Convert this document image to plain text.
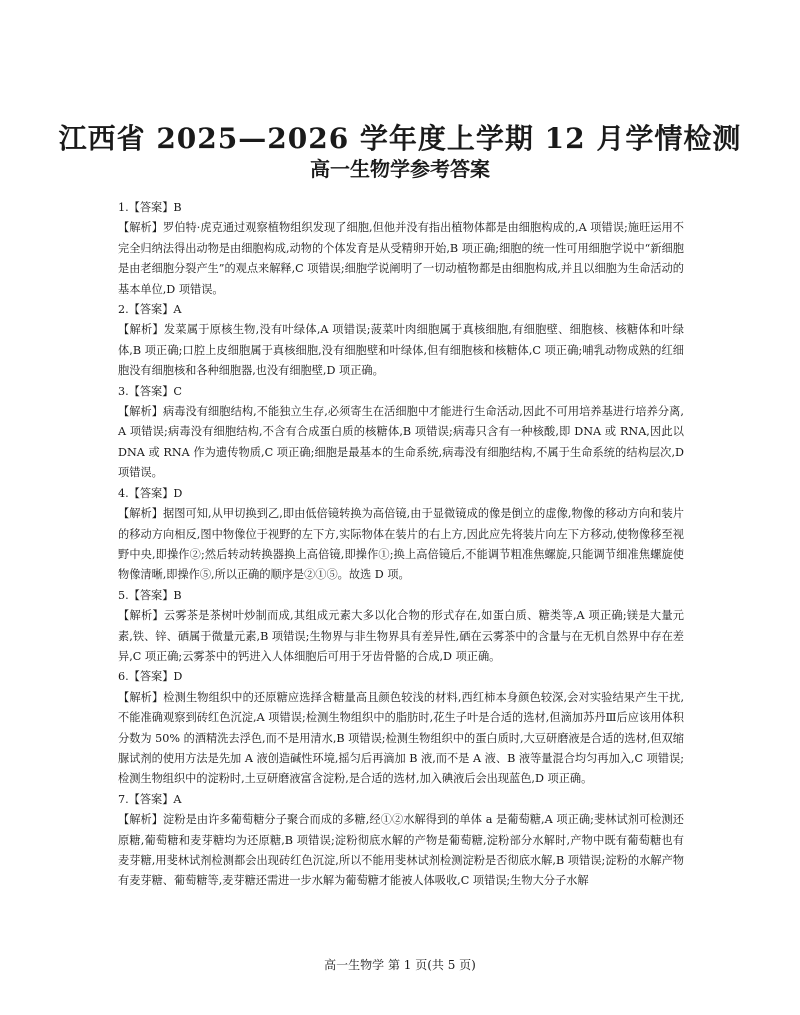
江西省 2025—2026 学年度上学期 12 月学情检测
高一生物学参考答案
1.【答案】B
【解析】罗伯特·虎克通过观察植物组织发现了细胞,但他并没有指出植物体都是由细胞构成的,A 项错误;施旺运用不完全归纳法得出动物是由细胞构成,动物的个体发育是从受精卵开始,B 项正确;细胞的统一性可用细胞学说中“新细胞是由老细胞分裂产生”的观点来解释,C 项错误;细胞学说阐明了一切动植物都是由细胞构成,并且以细胞为生命活动的基本单位,D 项错误。
2.【答案】A
【解析】发菜属于原核生物,没有叶绿体,A 项错误;菠菜叶肉细胞属于真核细胞,有细胞壁、细胞核、核糖体和叶绿体,B 项正确;口腔上皮细胞属于真核细胞,没有细胞壁和叶绿体,但有细胞核和核糖体,C 项正确;哺乳动物成熟的红细胞没有细胞核和各种细胞器,也没有细胞壁,D 项正确。
3.【答案】C
【解析】病毒没有细胞结构,不能独立生存,必须寄生在活细胞中才能进行生命活动,因此不可用培养基进行培养分离,A 项错误;病毒没有细胞结构,不含有合成蛋白质的核糖体,B 项错误;病毒只含有一种核酸,即 DNA 或 RNA,因此以 DNA 或 RNA 作为遗传物质,C 项正确;细胞是最基本的生命系统,病毒没有细胞结构,不属于生命系统的结构层次,D 项错误。
4.【答案】D
【解析】据图可知,从甲切换到乙,即由低倍镜转换为高倍镜,由于显微镜成的像是倒立的虚像,物像的移动方向和装片的移动方向相反,图中物像位于视野的左下方,实际物体在装片的右上方,因此应先将装片向左下方移动,使物像移至视野中央,即操作②;然后转动转换器换上高倍镜,即操作①;换上高倍镜后,不能调节粗准焦螺旋,只能调节细准焦螺旋使物像清晰,即操作⑤,所以正确的顺序是②①⑤。故选 D 项。
5.【答案】B
【解析】云雾茶是茶树叶炒制而成,其组成元素大多以化合物的形式存在,如蛋白质、糖类等,A 项正确;镁是大量元素,铁、锌、硒属于微量元素,B 项错误;生物界与非生物界具有差异性,硒在云雾茶中的含量与在无机自然界中存在差异,C 项正确;云雾茶中的钙进入人体细胞后可用于牙齿骨骼的合成,D 项正确。
6.【答案】D
【解析】检测生物组织中的还原糖应选择含糖量高且颜色较浅的材料,西红柿本身颜色较深,会对实验结果产生干扰,不能准确观察到砖红色沉淀,A 项错误;检测生物组织中的脂肪时,花生子叶是合适的选材,但滴加苏丹Ⅲ后应该用体积分数为 50% 的酒精洗去浮色,而不是用清水,B 项错误;检测生物组织中的蛋白质时,大豆研磨液是合适的选材,但双缩脲试剂的使用方法是先加 A 液创造碱性环境,摇匀后再滴加 B 液,而不是 A 液、B 液等量混合均匀再加入,C 项错误;检测生物组织中的淀粉时,土豆研磨液富含淀粉,是合适的选材,加入碘液后会出现蓝色,D 项正确。
7.【答案】A
【解析】淀粉是由许多葡萄糖分子聚合而成的多糖,经①②水解得到的单体 a 是葡萄糖,A 项正确;斐林试剂可检测还原糖,葡萄糖和麦芽糖均为还原糖,B 项错误;淀粉彻底水解的产物是葡萄糖,淀粉部分水解时,产物中既有葡萄糖也有麦芽糖,用斐林试剂检测都会出现砖红色沉淀,所以不能用斐林试剂检测淀粉是否彻底水解,B 项错误;淀粉的水解产物有麦芽糖、葡萄糖等,麦芽糖还需进一步水解为葡萄糖才能被人体吸收,C 项错误;生物大分子水解
高一生物学 第 1 页(共 5 页)
